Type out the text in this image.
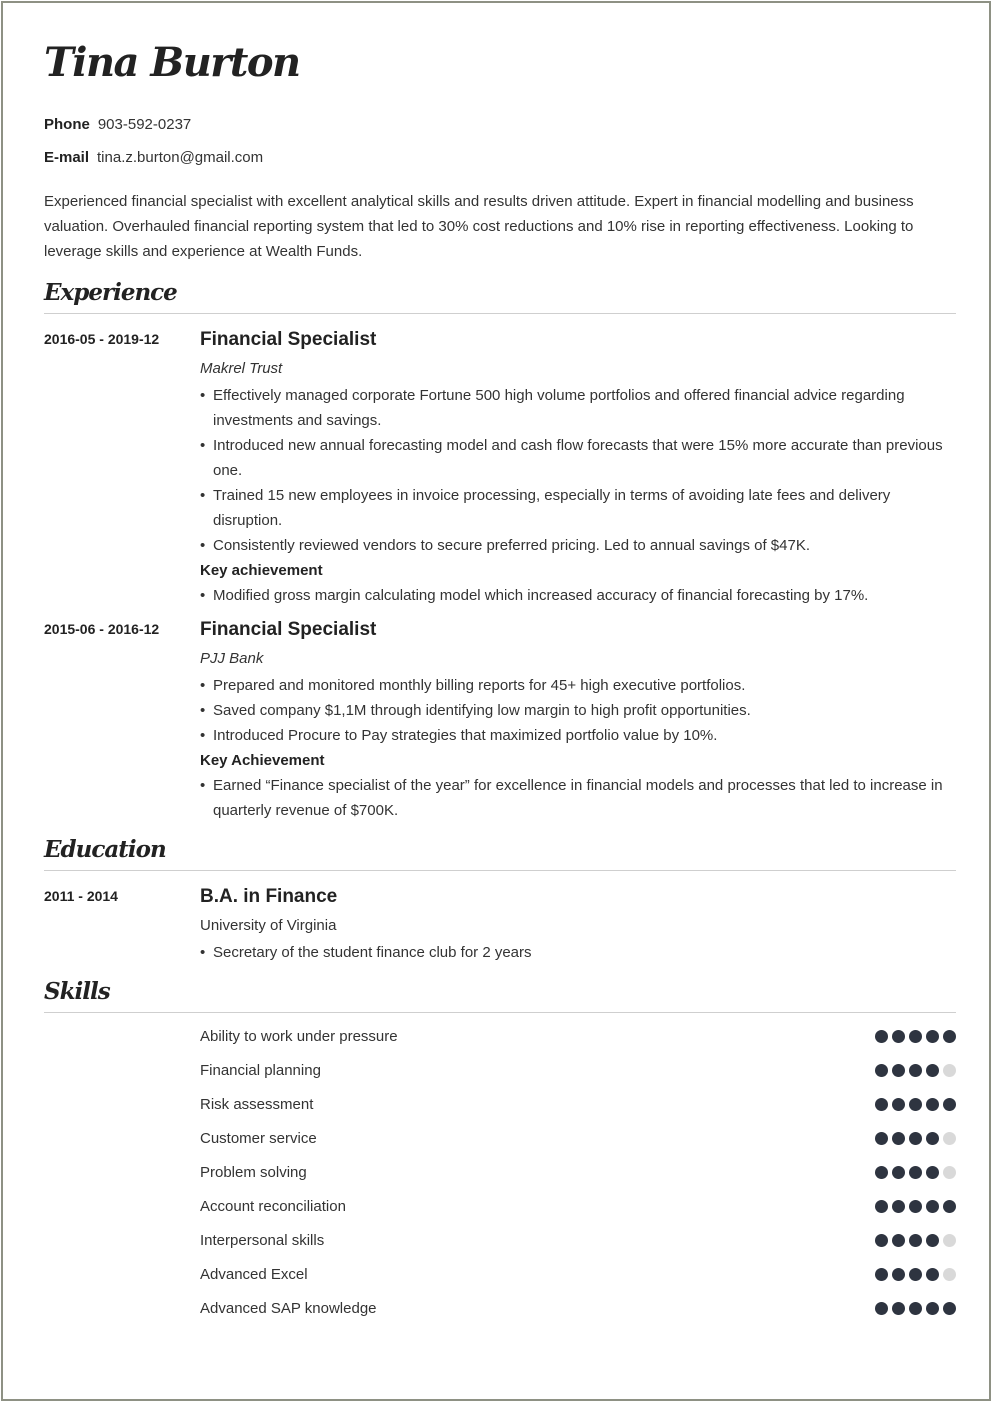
Tina Burton
Phone 903-592-0237
E-mail tina.z.burton@gmail.com
Experienced financial specialist with excellent analytical skills and results driven attitude. Expert in financial modelling and business valuation. Overhauled financial reporting system that led to 30% cost reductions and 10% rise in reporting effectiveness. Looking to leverage skills and experience at Wealth Funds.
Experience
2016-05 - 2019-12 Financial Specialist
Makrel Trust
• Effectively managed corporate Fortune 500 high volume portfolios and offered financial advice regarding investments and savings.
• Introduced new annual forecasting model and cash flow forecasts that were 15% more accurate than previous one.
• Trained 15 new employees in invoice processing, especially in terms of avoiding late fees and delivery disruption.
• Consistently reviewed vendors to secure preferred pricing. Led to annual savings of $47K.
Key achievement
• Modified gross margin calculating model which increased accuracy of financial forecasting by 17%.
2015-06 - 2016-12 Financial Specialist
PJJ Bank
• Prepared and monitored monthly billing reports for 45+ high executive portfolios.
• Saved company $1,1M through identifying low margin to high profit opportunities.
• Introduced Procure to Pay strategies that maximized portfolio value by 10%.
Key Achievement
• Earned “Finance specialist of the year” for excellence in financial models and processes that led to increase in quarterly revenue of $700K.
Education
2011 - 2014	B.A. in Finance
University of Virginia
• Secretary of the student finance club for 2 years
Skills
Ability to work under pressure
Financial planning
Risk assessment
Customer service
Problem solving
Account reconciliation
Interpersonal skills
Advanced Excel
Advanced SAP knowledge
